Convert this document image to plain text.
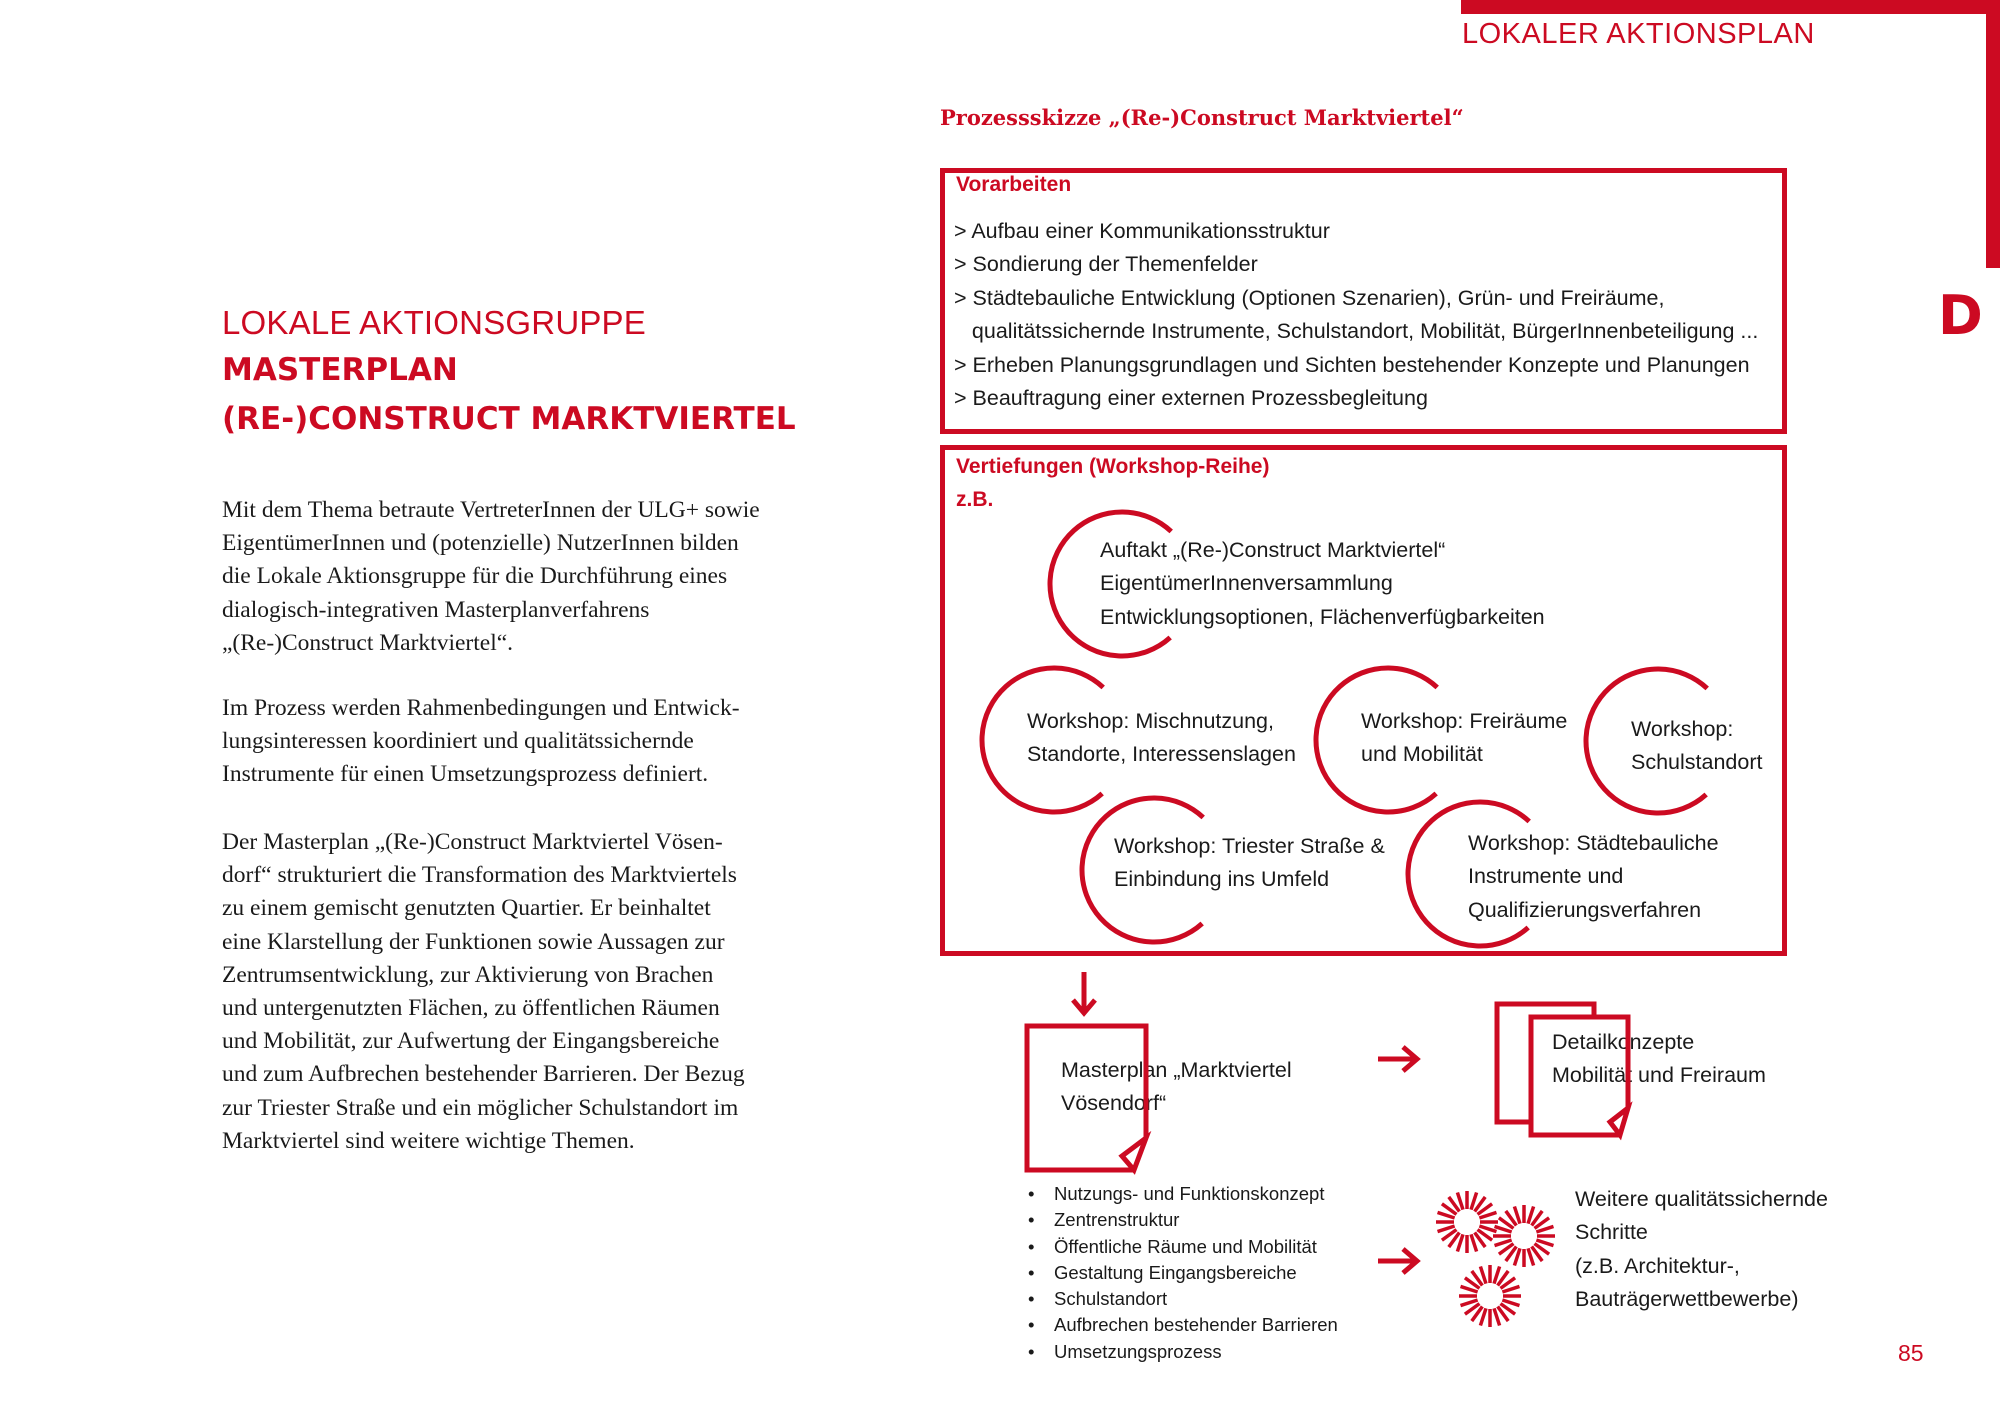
LOKALER AKTIONSPLAN
D
LOKALE AKTIONSGRUPPE
MASTERPLAN
(RE-)CONSTRUCT MARKTVIERTEL
Mit dem Thema betraute VertreterInnen der ULG+ sowie
EigentümerInnen und (potenzielle) NutzerInnen bilden
die Lokale Aktionsgruppe für die Durchführung eines
dialogisch-integrativen Masterplanverfahrens
„(Re-)Construct Marktviertel“.
Im Prozess werden Rahmenbedingungen und Entwick-
lungsinteressen koordiniert und qualitätssichernde
Instrumente für einen Umsetzungsprozess definiert.
Der Masterplan „(Re-)Construct Marktviertel Vösen-
dorf“ strukturiert die Transformation des Marktviertels
zu einem gemischt genutzten Quartier. Er beinhaltet
eine Klarstellung der Funktionen sowie Aussagen zur
Zentrumsentwicklung, zur Aktivierung von Brachen
und untergenutzten Flächen, zu öffentlichen Räumen
und Mobilität, zur Aufwertung der Eingangsbereiche
und zum Aufbrechen bestehender Barrieren. Der Bezug
zur Triester Straße und ein möglicher Schulstandort im
Marktviertel sind weitere wichtige Themen.
Prozessskizze „(Re-)Construct Marktviertel“
Vorarbeiten
> Aufbau einer Kommunikationsstruktur
> Sondierung der Themenfelder
> Städtebauliche Entwicklung (Optionen Szenarien), Grün- und Freiräume,
qualitätssichernde Instrumente, Schulstandort, Mobilität, BürgerInnenbeteiligung ...
> Erheben Planungsgrundlagen und Sichten bestehender Konzepte und Planungen
> Beauftragung einer externen Prozessbegleitung
Vertiefungen (Workshop-Reihe)
z.B.
Auftakt „(Re-)Construct Marktviertel“
EigentümerInnenversammlung
Entwicklungsoptionen, Flächenverfügbarkeiten
Workshop: Mischnutzung,
Standorte, Interessenslagen
Workshop: Freiräume
und Mobilität
Workshop:
Schulstandort
Workshop: Triester Straße &
Einbindung ins Umfeld
Workshop: Städtebauliche
Instrumente und
Qualifizierungsverfahren
Masterplan „Marktviertel
Vösendorf“
Detailkonzepte
Mobilität und Freiraum
• Nutzungs- und Funktionskonzept
• Zentrenstruktur
• Öffentliche Räume und Mobilität
• Gestaltung Eingangsbereiche
• Schulstandort
• Aufbrechen bestehender Barrieren
• Umsetzungsprozess
Weitere qualitätssichernde
Schritte
(z.B. Architektur-,
Bauträgerwettbewerbe)
85
